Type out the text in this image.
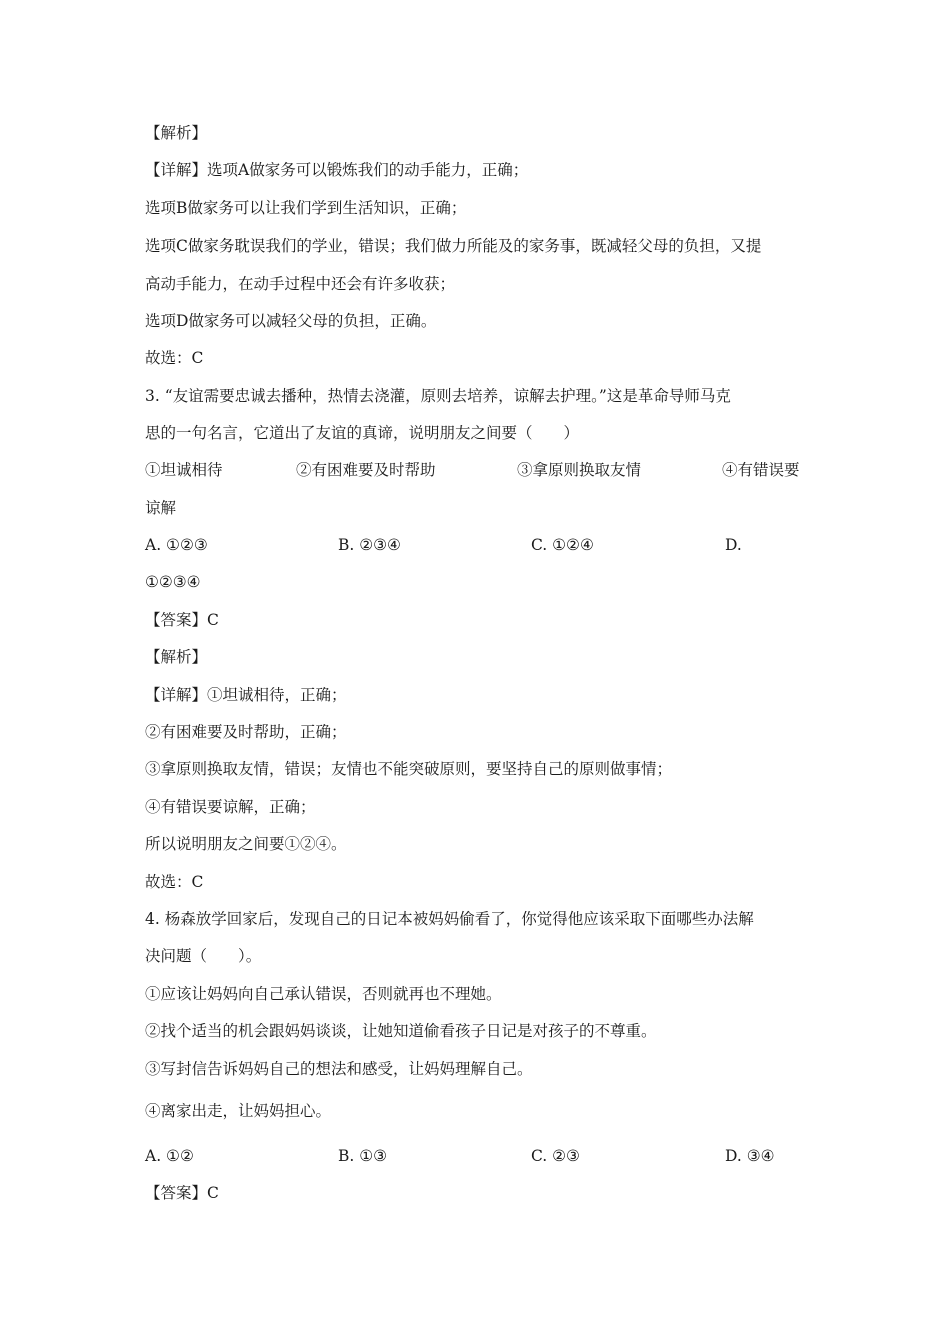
【解析】
【详解】选项A做家务可以锻炼我们的动手能力，正确；
选项B做家务可以让我们学到生活知识，正确；
选项C做家务耽误我们的学业，错误；我们做力所能及的家务事，既减轻父母的负担，又提
高动手能力，在动手过程中还会有许多收获；
选项D做家务可以减轻父母的负担，正确。
故选：C
3. “友谊需要忠诚去播种，热情去浇灌，原则去培养，谅解去护理。”这是革命导师马克
思的一句名言，它道出了友谊的真谛，说明朋友之间要（　　）
①坦诚相待	②有困难要及时帮助	③拿原则换取友情	④有错误要
谅解
A. ①②③	B. ②③④	C. ①②④	D.
①②③④
【答案】C
【解析】
【详解】①坦诚相待，正确；
②有困难要及时帮助，正确；
③拿原则换取友情，错误；友情也不能突破原则，要坚持自己的原则做事情；
④有错误要谅解，正确；
所以说明朋友之间要①②④。
故选：C
4. 杨森放学回家后，发现自己的日记本被妈妈偷看了，你觉得他应该采取下面哪些办法解
决问题（　　）。
①应该让妈妈向自己承认错误，否则就再也不理她。
②找个适当的机会跟妈妈谈谈，让她知道偷看孩子日记是对孩子的不尊重。
③写封信告诉妈妈自己的想法和感受，让妈妈理解自己。
④离家出走，让妈妈担心。
A. ①②	B. ①③	C. ②③	D. ③④
【答案】C
